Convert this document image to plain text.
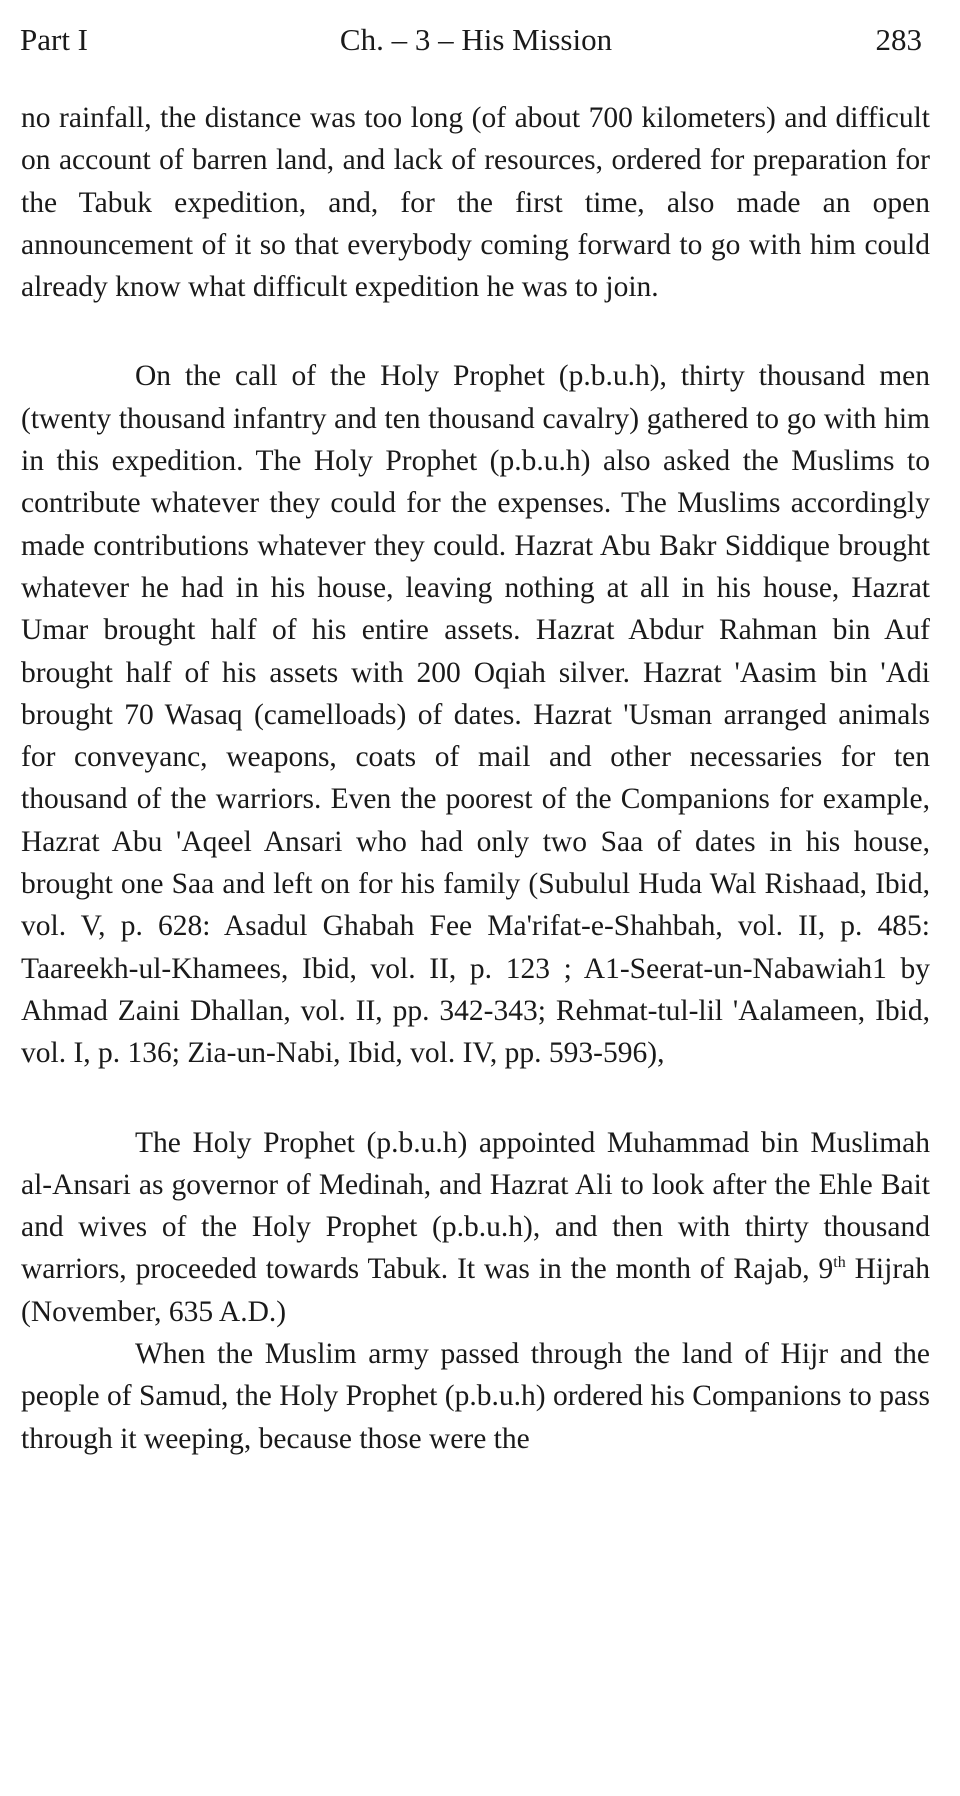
Part I	Ch. – 3 – His Mission	283

no rainfall, the distance was too long (of about 700 kilometers) and difficult on account of barren land, and lack of resources, ordered for preparation for the Tabuk expedition, and, for the first time, also made an open announcement of it so that everybody coming forward to go with him could already know what difficult expedition he was to join.

On the call of the Holy Prophet (p.b.u.h), thirty thousand men (twenty thousand infantry and ten thousand cavalry) gathered to go with him in this expedition. The Holy Prophet (p.b.u.h) also asked the Muslims to contribute whatever they could for the expenses. The Muslims accordingly made contributions whatever they could. Hazrat Abu Bakr Siddique brought whatever he had in his house, leaving nothing at all in his house, Hazrat Umar brought half of his entire assets. Hazrat Abdur Rahman bin Auf brought half of his assets with 200 Oqiah silver. Hazrat 'Aasim bin 'Adi brought 70 Wasaq (camelloads) of dates. Hazrat 'Usman arranged animals for conveyanc, weapons, coats of mail and other necessaries for ten thousand of the warriors. Even the poorest of the Companions for example, Hazrat Abu 'Aqeel Ansari who had only two Saa of dates in his house, brought one Saa and left on for his family (Subulul Huda Wal Rishaad, Ibid, vol. V, p. 628: Asadul Ghabah Fee Ma'rifat-e-Shahbah, vol. II, p. 485: Taareekh-ul-Khamees, Ibid, vol. II, p. 123 ; A1-Seerat-un-Nabawiah1 by Ahmad Zaini Dhallan, vol. II, pp. 342-343; Rehmat-tul-lil 'Aalameen, Ibid, vol. I, p. 136; Zia-un-Nabi, Ibid, vol. IV, pp. 593-596),

The Holy Prophet (p.b.u.h) appointed Muhammad bin Muslimah al-Ansari as governor of Medinah, and Hazrat Ali to look after the Ehle Bait and wives of the Holy Prophet (p.b.u.h), and then with thirty thousand warriors, proceeded towards Tabuk. It was in the month of Rajab, 9th Hijrah (November, 635 A.D.)

When the Muslim army passed through the land of Hijr and the people of Samud, the Holy Prophet (p.b.u.h) ordered his Companions to pass through it weeping, because those were the
